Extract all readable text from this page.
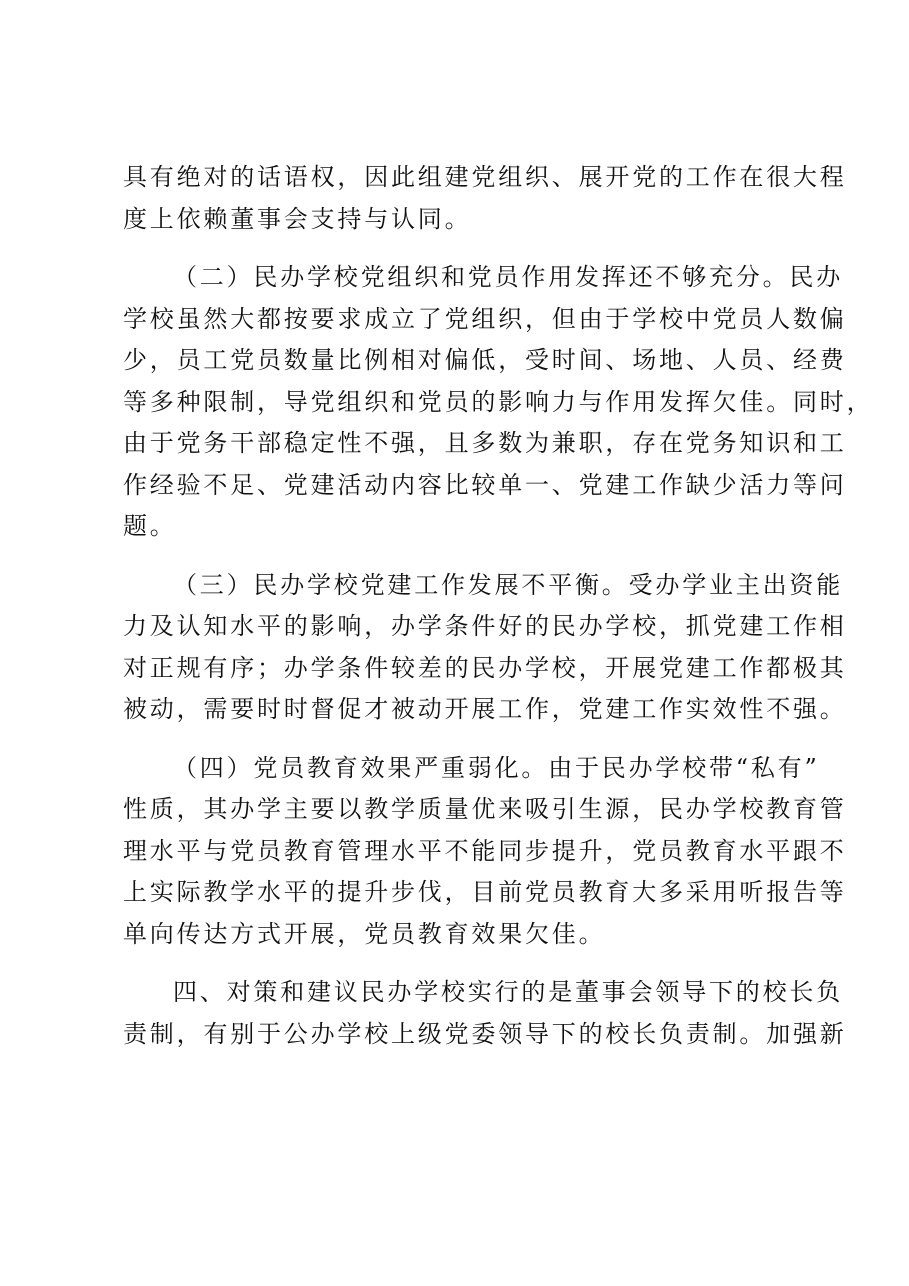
具有绝对的话语权，因此组建党组织、展开党的工作在很大程
度上依赖董事会支持与认同。
（二）民办学校党组织和党员作用发挥还不够充分。民办
学校虽然大都按要求成立了党组织，但由于学校中党员人数偏
少，员工党员数量比例相对偏低，受时间、场地、人员、经费
等多种限制，导党组织和党员的影响力与作用发挥欠佳。同时，
由于党务干部稳定性不强，且多数为兼职，存在党务知识和工
作经验不足、党建活动内容比较单一、党建工作缺少活力等问
题。
（三）民办学校党建工作发展不平衡。受办学业主出资能
力及认知水平的影响，办学条件好的民办学校，抓党建工作相
对正规有序；办学条件较差的民办学校，开展党建工作都极其
被动，需要时时督促才被动开展工作，党建工作实效性不强。
（四）党员教育效果严重弱化。由于民办学校带“私有”
性质，其办学主要以教学质量优来吸引生源，民办学校教育管
理水平与党员教育管理水平不能同步提升，党员教育水平跟不
上实际教学水平的提升步伐，目前党员教育大多采用听报告等
单向传达方式开展，党员教育效果欠佳。
四、对策和建议民办学校实行的是董事会领导下的校长负
责制，有别于公办学校上级党委领导下的校长负责制。加强新
